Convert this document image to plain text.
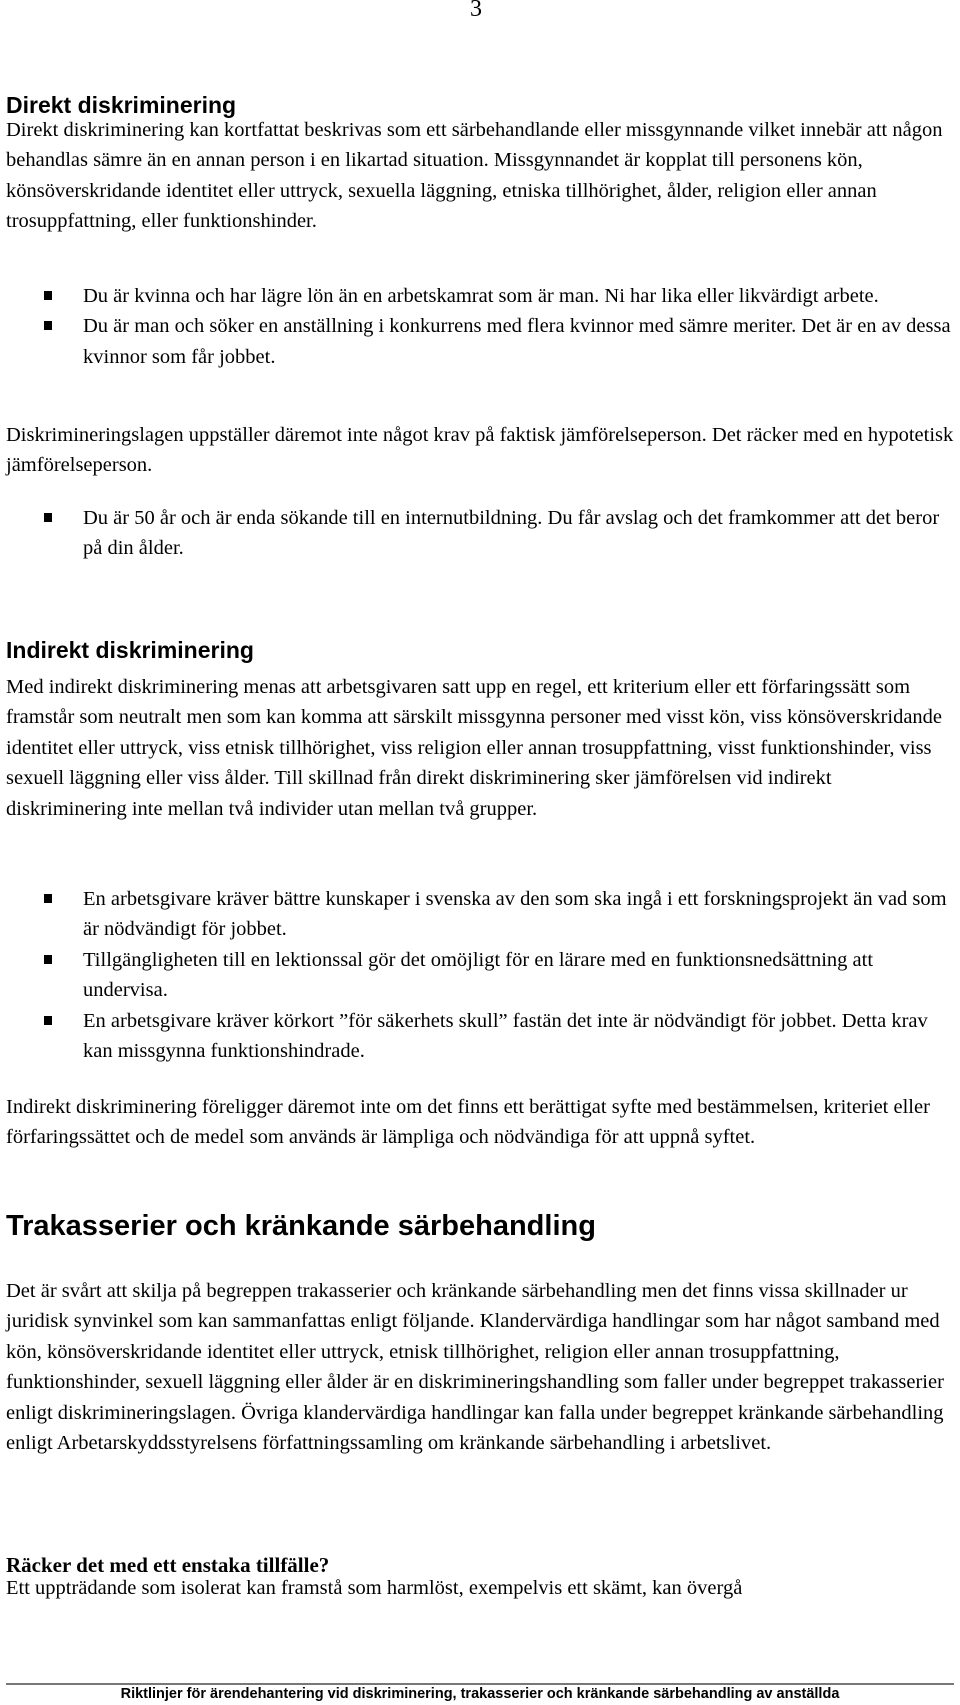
3
Direkt diskriminering

Direkt diskriminering kan kortfattat beskrivas som ett särbehandlande eller missgynnande vilket innebär att någon behandlas sämre än en annan person i en likartad situation. Missgynnandet är kopplat till personens kön, könsöverskridande identitet eller uttryck, sexuella läggning, etniska tillhörighet, ålder, religion eller annan trosuppfattning, eller funktionshinder.

Du är kvinna och har lägre lön än en arbetskamrat som är man. Ni har lika eller likvärdigt arbete.
Du är man och söker en anställning i konkurrens med flera kvinnor med sämre meriter. Det är en av dessa kvinnor som får jobbet.

Diskrimineringslagen uppställer däremot inte något krav på faktisk jämförelseperson. Det räcker med en hypotetisk jämförelseperson.

Du är 50 år och är enda sökande till en internutbildning. Du får avslag och det framkommer att det beror på din ålder.
Indirekt diskriminering

Med indirekt diskriminering menas att arbetsgivaren satt upp en regel, ett kriterium eller ett förfaringssätt som framstår som neutralt men som kan komma att särskilt missgynna personer med visst kön, viss könsöverskridande identitet eller uttryck, viss etnisk tillhörighet, viss religion eller annan trosuppfattning, visst funktionshinder, viss sexuell läggning eller viss ålder. Till skillnad från direkt diskriminering sker jämförelsen vid indirekt diskriminering inte mellan två individer utan mellan två grupper.

En arbetsgivare kräver bättre kunskaper i svenska av den som ska ingå i ett forskningsprojekt än vad som är nödvändigt för jobbet.
Tillgängligheten till en lektionssal gör det omöjligt för en lärare med en funktionsnedsättning att undervisa.
En arbetsgivare kräver körkort ”för säkerhets skull” fastän det inte är nödvändigt för jobbet. Detta krav kan missgynna funktionshindrade.

Indirekt diskriminering föreligger däremot inte om det finns ett berättigat syfte med bestämmelsen, kriteriet eller förfaringssättet och de medel som används är lämpliga och nödvändiga för att uppnå syftet.

Trakasserier och kränkande särbehandling

Det är svårt att skilja på begreppen trakasserier och kränkande särbehandling men det finns vissa skillnader ur juridisk synvinkel som kan sammanfattas enligt följande. Klandervärdiga handlingar som har något samband med kön, könsöverskridande identitet eller uttryck, etnisk tillhörighet, religion eller annan trosuppfattning, funktionshinder, sexuell läggning eller ålder är en diskrimineringshandling som faller under begreppet trakasserier enligt diskrimineringslagen. Övriga klandervärdiga handlingar kan falla under begreppet kränkande särbehandling enligt Arbetarskyddsstyrelsens författningssamling om kränkande särbehandling i arbetslivet.

Räcker det med ett enstaka tillfälle?

Ett uppträdande som isolerat kan framstå som harmlöst, exempelvis ett skämt, kan övergå

Riktlinjer för ärendehantering vid diskriminering, trakasserier och kränkande särbehandling av anställda
